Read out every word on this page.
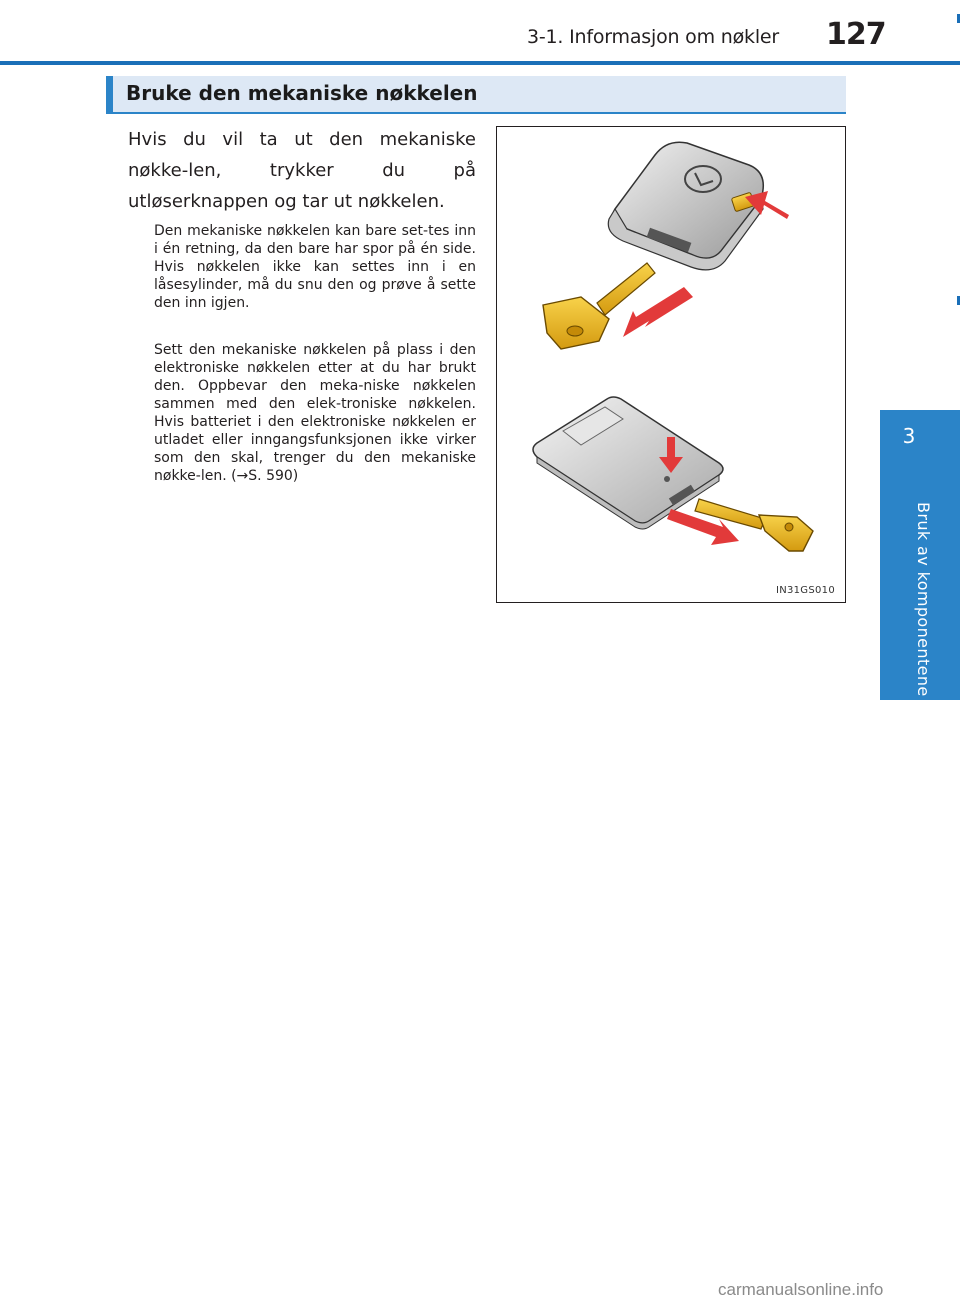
3-1. Informasjon om nøkler 127
3
Bruk av komponentene
Bruke den mekaniske nøkkelen
Hvis du vil ta ut den mekaniske nøkke-len, trykker du på utløserknappen og tar ut nøkkelen.
Den mekaniske nøkkelen kan bare set-tes inn i én retning, da den bare har spor på én side. Hvis nøkkelen ikke kan settes inn i en låsesylinder, må du snu den og prøve å sette den inn igjen.
Sett den mekaniske nøkkelen på plass i den elektroniske nøkkelen etter at du har brukt den. Oppbevar den meka-niske nøkkelen sammen med den elek-troniske nøkkelen. Hvis batteriet i den elektroniske nøkkelen er utladet eller inngangsfunksjonen ikke virker som den skal, trenger du den mekaniske nøkke-len. (→S. 590)
IN31GS010
carmanualsonline.info
